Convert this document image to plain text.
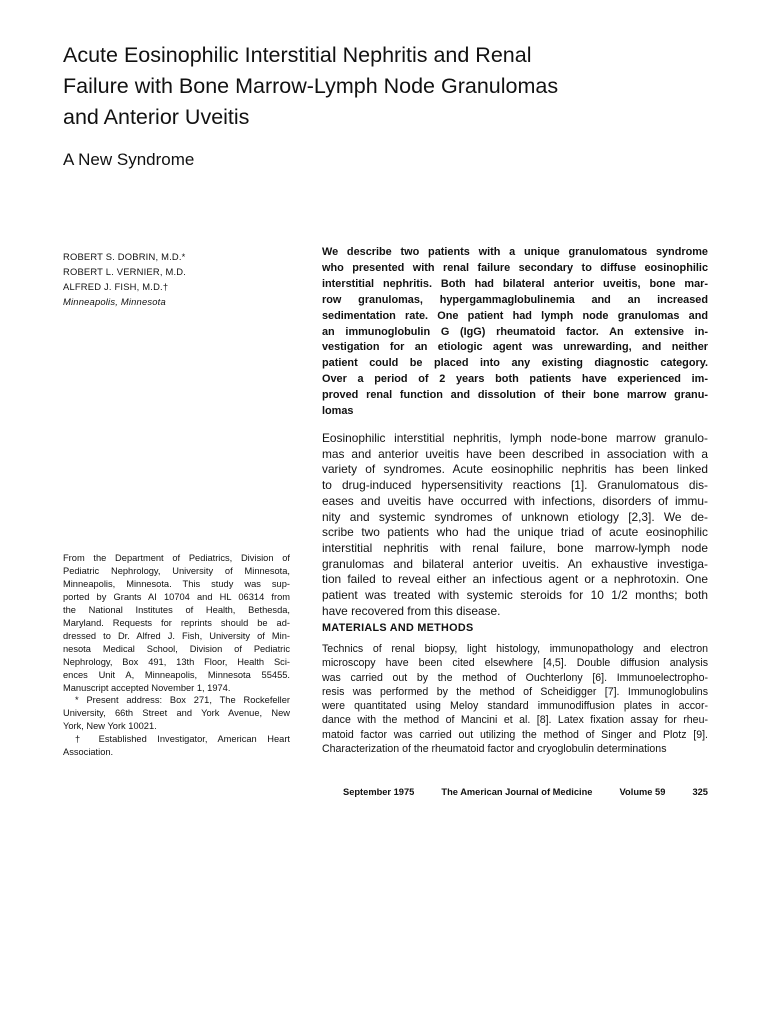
Acute Eosinophilic Interstitial Nephritis and Renal
Failure with Bone Marrow-Lymph Node Granulomas
and Anterior Uveitis
A New Syndrome
ROBERT S. DOBRIN, M.D.*
ROBERT L. VERNIER, M.D.
ALFRED J. FISH, M.D.†
Minneapolis, Minnesota
We describe two patients with a unique granulomatous syndrome
who presented with renal failure secondary to diffuse eosinophilic
interstitial nephritis. Both had bilateral anterior uveitis, bone mar-
row granulomas, hypergammaglobulinemia and an increased
sedimentation rate. One patient had lymph node granulomas and
an immunoglobulin G (IgG) rheumatoid factor. An extensive in-
vestigation for an etiologic agent was unrewarding, and neither
patient could be placed into any existing diagnostic category.
Over a period of 2 years both patients have experienced im-
proved renal function and dissolution of their bone marrow granu-
lomas
Eosinophilic interstitial nephritis, lymph node-bone marrow granulo-
mas and anterior uveitis have been described in association with a
variety of syndromes. Acute eosinophilic nephritis has been linked
to drug-induced hypersensitivity reactions [1]. Granulomatous dis-
eases and uveitis have occurred with infections, disorders of immu-
nity and systemic syndromes of unknown etiology [2,3]. We de-
scribe two patients who had the unique triad of acute eosinophilic
interstitial nephritis with renal failure, bone marrow-lymph node
granulomas and bilateral anterior uveitis. An exhaustive investiga-
tion failed to reveal either an infectious agent or a nephrotoxin. One
patient was treated with systemic steroids for 10 1/2 months; both
have recovered from this disease.
MATERIALS AND METHODS
Technics of renal biopsy, light histology, immunopathology and electron
microscopy have been cited elsewhere [4,5]. Double diffusion analysis
was carried out by the method of Ouchterlony [6]. Immunoelectropho-
resis was performed by the method of Scheidigger [7]. Immunoglobulins
were quantitated using Meloy standard immunodiffusion plates in accor-
dance with the method of Mancini et al. [8]. Latex fixation assay for rheu-
matoid factor was carried out utilizing the method of Singer and Plotz [9].
Characterization of the rheumatoid factor and cryoglobulin determinations
From the Department of Pediatrics, Division of
Pediatric Nephrology, University of Minnesota,
Minneapolis, Minnesota. This study was sup-
ported by Grants AI 10704 and HL 06314 from
the National Institutes of Health, Bethesda,
Maryland. Requests for reprints should be ad-
dressed to Dr. Alfred J. Fish, University of Min-
nesota Medical School, Division of Pediatric
Nephrology, Box 491, 13th Floor, Health Sci-
ences Unit A, Minneapolis, Minnesota 55455.
Manuscript accepted November 1, 1974.
* Present address: Box 271, The Rockefeller
University, 66th Street and York Avenue, New
York, New York 10021.
† Established Investigator, American Heart
Association.
September 1975	The American Journal of Medicine	Volume 59	325
